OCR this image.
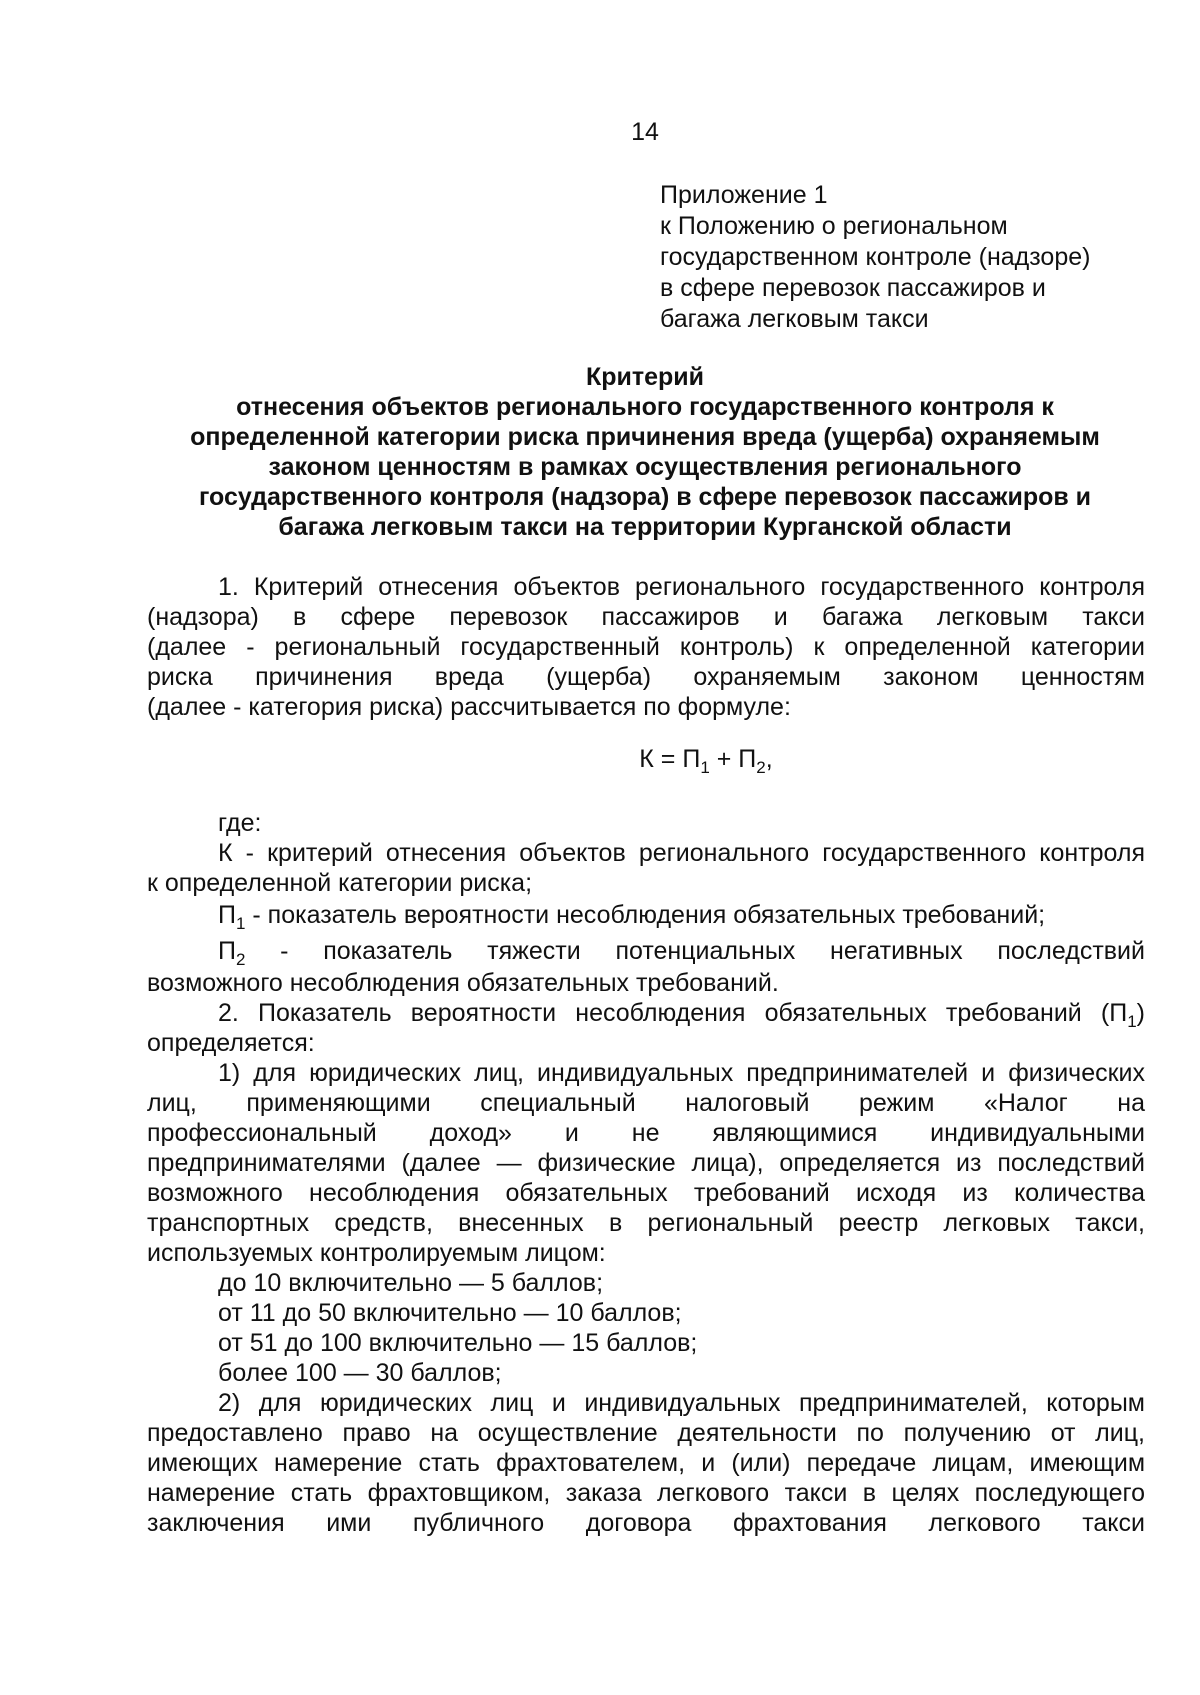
14
Приложение 1
к Положению о региональном
государственном контроле (надзоре)
в сфере перевозок пассажиров и
багажа легковым такси
Критерий
отнесения объектов регионального государственного контроля к
определенной категории риска причинения вреда (ущерба) охраняемым
законом ценностям в рамках осуществления регионального
государственного контроля (надзора) в сфере перевозок пассажиров и
багажа легковым такси на территории Курганской области
1. Критерий отнесения объектов регионального государственного контроля
(надзора) в сфере перевозок пассажиров и багажа легковым такси
(далее - региональный государственный контроль) к определенной категории
риска причинения вреда (ущерба) охраняемым законом ценностям
(далее - категория риска) рассчитывается по формуле:
$К = П_1 + П_2$,
где:
К - критерий отнесения объектов регионального государственного контроля
к определенной категории риска;
$П_1$ - показатель вероятности несоблюдения обязательных требований;
$П_2$ - показатель тяжести потенциальных негативных последствий
возможного несоблюдения обязательных требований.
2. Показатель вероятности несоблюдения обязательных требований $(П_1)$
определяется:
1) для юридических лиц, индивидуальных предпринимателей и физических
лиц, применяющими специальный налоговый режим «Налог на
профессиональный доход» и не являющимися индивидуальными
предпринимателями (далее — физические лица), определяется из последствий
возможного несоблюдения обязательных требований исходя из количества
транспортных средств, внесенных в региональный реестр легковых такси,
используемых контролируемым лицом:
до 10 включительно — 5 баллов;
от 11 до 50 включительно — 10 баллов;
от 51 до 100 включительно — 15 баллов;
более 100 — 30 баллов;
2) для юридических лиц и индивидуальных предпринимателей, которым
предоставлено право на осуществление деятельности по получению от лиц,
имеющих намерение стать фрахтователем, и (или) передаче лицам, имеющим
намерение стать фрахтовщиком, заказа легкового такси в целях последующего
заключения ими публичного договора фрахтования легкового такси
